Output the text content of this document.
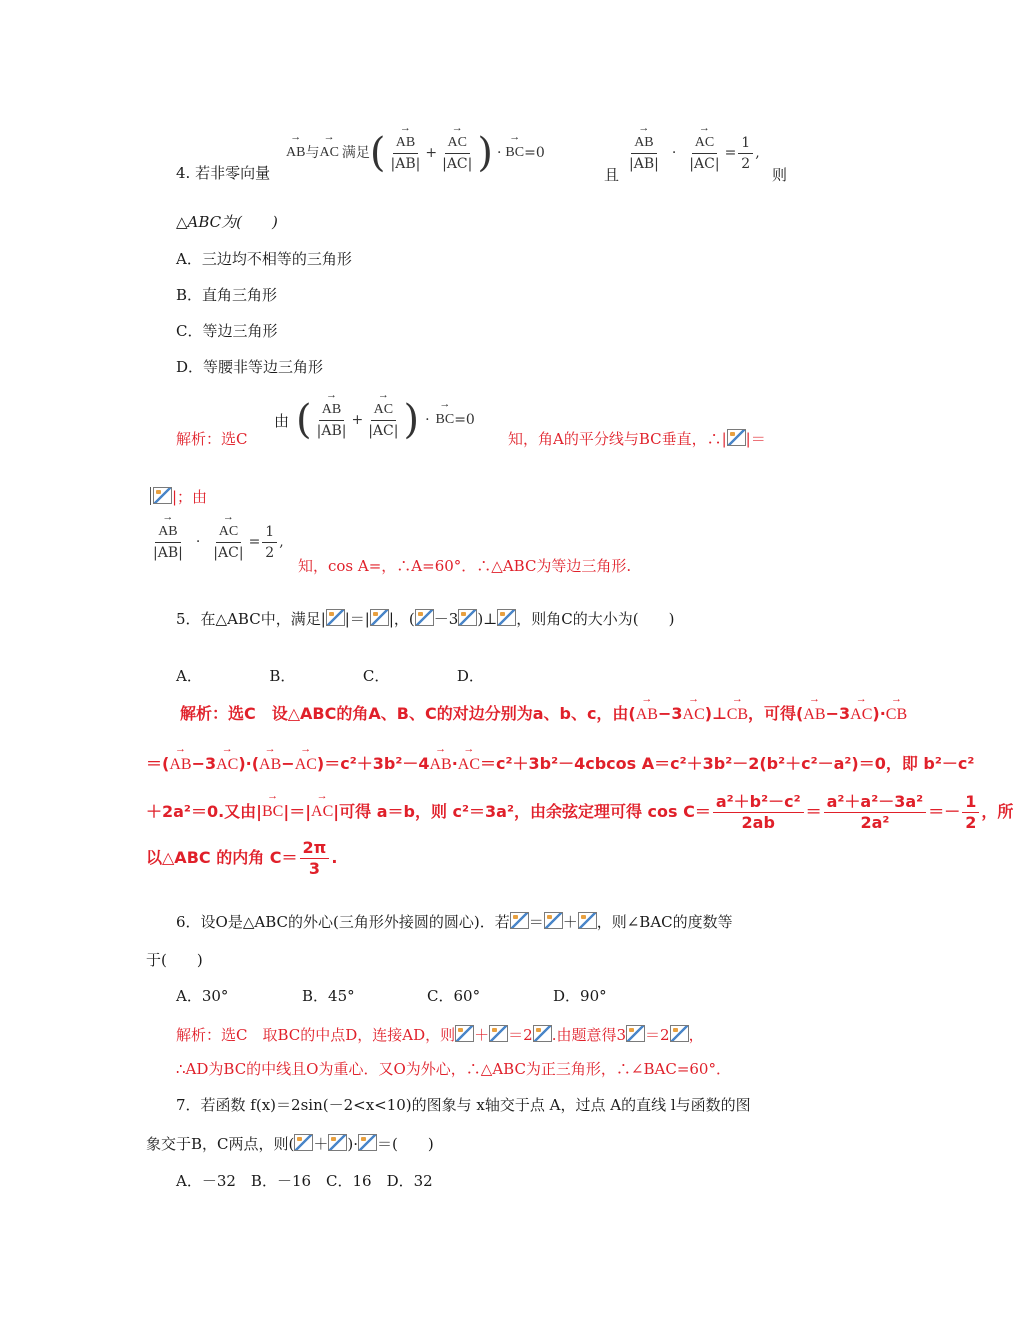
4. 若非零向量
→ AB 与 → AC 满足 ( → $\frac{AB}{|AB|}$ + → $\frac{AC}{|AC|}$ ) · → BC =0
且
→ $\frac{AB}{|AB|}$ · → $\frac{AC}{|AC|} = \frac{1}{2}$ ,
则
△ABC为(　　)
A．三边均不相等的三角形
B．直角三角形
C．等边三角形
D．等腰非等边三角形
解析：选C
由 ( → $\frac{AB}{|AB|}$ + → $\frac{AC}{|AC|}$ ) · → BC =0
知，角A的平分线与BC垂直，∴| |＝
|；由
→ $\frac{AB}{|AB|}$ · → $\frac{AC}{|AC|} = \frac{1}{2}$ ,
知，cos A=，∴A=60°．∴△ABC为等边三角形.
5．在△ABC中，满足| |＝| |，( －3 )⊥ ，则角C的大小为(　　)
A．　　　　　B．　　　　　C．　　　　　D．
解析：选C　设△ABC的角A、B、C的对边分别为a、b、c，由(→ AB−3→ AC)⊥→ CB，可得(→ AB−3→ AC)·→ CB
＝(→ AB−3→ AC)·(→ AB−→ AC)＝c²＋3b²－4→ AB·→ AC＝c²＋3b²－4cbcos A＝c²＋3b²－2(b²＋c²－a²)＝0，即 b²－c²
＋2a²＝0.又由| → BC |＝| → AC |可得 a＝b，则 c²＝3a²，由余弦定理可得 $\cos C= \frac{\text{a²＋b²－c²}}{2ab} = \frac{\text{a²＋a²－3a²}}{\text{2a²}} =- \frac{1}{2}$ ，所
以△ABC 的内角 $C= \frac{2\pi}{3}$ .
6．设O是△ABC的外心(三角形外接圆的圆心)．若 ＝ ＋ ，则∠BAC的度数等
于(　　)
A．30°	B．45°	C．60°	D．90°
解析：选C　取BC的中点D，连接AD，则 ＋ ＝2 .由题意得3 ＝2 ，
∴AD为BC的中线且O为重心．又O为外心，∴△ABC为正三角形，∴∠BAC=60°．
7．若函数 f(x)＝2sin(－2<x<10)的图象与 x轴交于点 A，过点 A的直线 l与函数的图
象交于B，C两点，则( ＋ )· ＝(　　)
A．－32　B．－16　C．16　D．32
